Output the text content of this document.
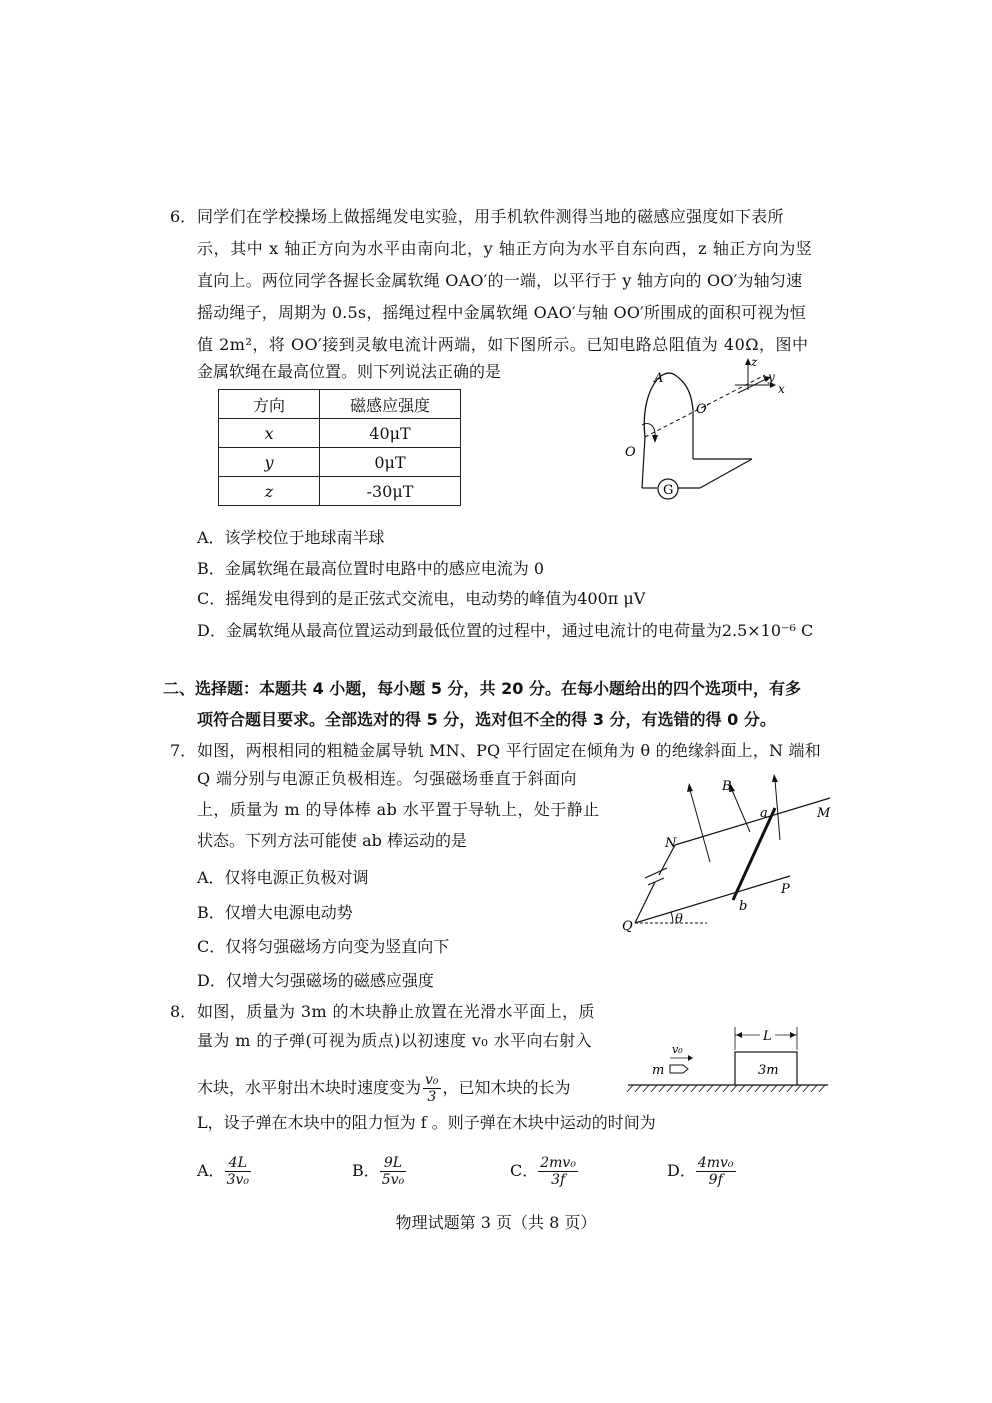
6． 同学们在学校操场上做摇绳发电实验，用手机软件测得当地的磁感应强度如下表所
示，其中 x 轴正方向为水平由南向北，y 轴正方向为水平自东向西，z 轴正方向为竖
直向上。两位同学各握长金属软绳 OAO′的一端，以平行于 y 轴方向的 OO′为轴匀速
摇动绳子，周期为 0.5s，摇绳过程中金属软绳 OAO′与轴 OO′所围成的面积可视为恒
值 2m²，将 OO′接到灵敏电流计两端，如下图所示。已知电路总阻值为 40Ω，图中
金属软绳在最高位置。则下列说法正确的是
方向	磁感应强度
x	40μT
y	0μT
z	-30μT	G
A
O
O′
z
y
x
A．该学校位于地球南半球
B．金属软绳在最高位置时电路中的感应电流为 0
C．摇绳发电得到的是正弦式交流电，电动势的峰值为400π μV
D．金属软绳从最高位置运动到最低位置的过程中，通过电流计的电荷量为2.5×10⁻⁶ C
二、选择题：本题共 4 小题，每小题 5 分，共 20 分。在每小题给出的四个选项中，有多
项符合题目要求。全部选对的得 5 分，选对但不全的得 3 分，有选错的得 0 分。
7． 如图，两根相同的粗糙金属导轨 MN、PQ 平行固定在倾角为 θ 的绝缘斜面上，N 端和
Q 端分别与电源正负极相连。匀强磁场垂直于斜面向
上，质量为 m 的导体棒 ab 水平置于导轨上，处于静止
状态。下列方法可能使 ab 棒运动的是
B
a	M
N
P
b
Q	θ
A．仅将电源正负极对调
B．仅增大电源电动势
C．仅将匀强磁场方向变为竖直向下
D．仅增大匀强磁场的磁感应强度
8． 如图，质量为 3m 的木块静止放置在光滑水平面上，质
量为 m 的子弹(可视为质点)以初速度 v₀ 水平向右射入
木块，水平射出木块时速度变为 $\frac{\text{v₀}}{3}$ ，已知木块的长为
L，设子弹在木块中的阻力恒为 f 。则子弹在木块中运动的时间为
3m
L
v₀
m
A． $\frac{4L}{\text{3v₀}}$	B． $\frac{9L}{\text{5v₀}}$	C． $\frac{\text{2mv₀}}{3f}$	D． $\frac{\text{4mv₀}}{9f}$
物理试题第 3 页（共 8 页）
